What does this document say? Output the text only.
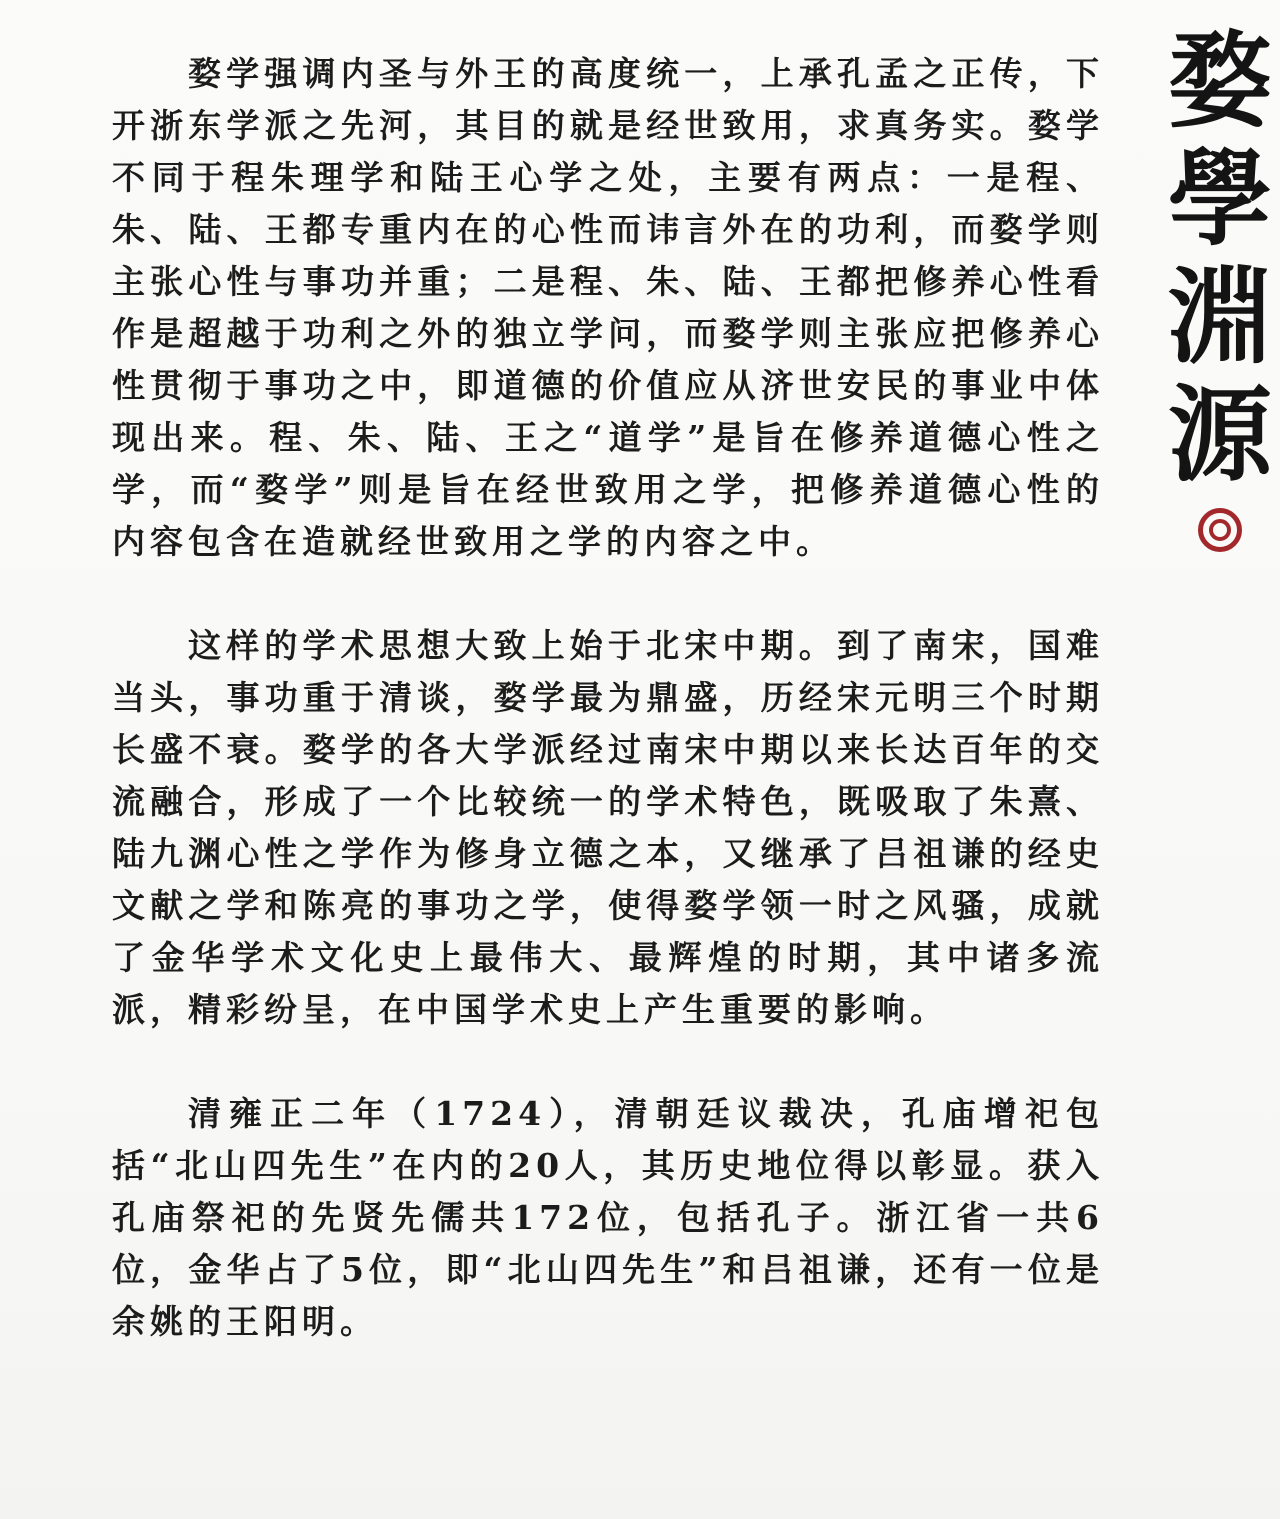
婺学强调内圣与外王的高度统一，上承孔孟之正传，下开浙东学派之先河，其目的就是经世致用，求真务实。婺学不同于程朱理学和陆王心学之处，主要有两点：一是程、朱、陆、王都专重内在的心性而讳言外在的功利，而婺学则主张心性与事功并重；二是程、朱、陆、王都把修养心性看作是超越于功利之外的独立学问，而婺学则主张应把修养心性贯彻于事功之中，即道德的价值应从济世安民的事业中体现出来。程、朱、陆、王之“道学”是旨在修养道德心性之学，而“婺学”则是旨在经世致用之学，把修养道德心性的内容包含在造就经世致用之学的内容之中。

这样的学术思想大致上始于北宋中期。到了南宋，国难当头，事功重于清谈，婺学最为鼎盛，历经宋元明三个时期长盛不衰。婺学的各大学派经过南宋中期以来长达百年的交流融合，形成了一个比较统一的学术特色，既吸取了朱熹、陆九渊心性之学作为修身立德之本，又继承了吕祖谦的经史文献之学和陈亮的事功之学，使得婺学领一时之风骚，成就了金华学术文化史上最伟大、最辉煌的时期，其中诸多流派，精彩纷呈，在中国学术史上产生重要的影响。

清雍正二年（1724），清朝廷议裁决，孔庙增祀包括“北山四先生”在内的20人，其历史地位得以彰显。获入孔庙祭祀的先贤先儒共172位，包括孔子。浙江省一共6位，金华占了5位，即“北山四先生”和吕祖谦，还有一位是余姚的王阳明。

婺
學
淵
源
